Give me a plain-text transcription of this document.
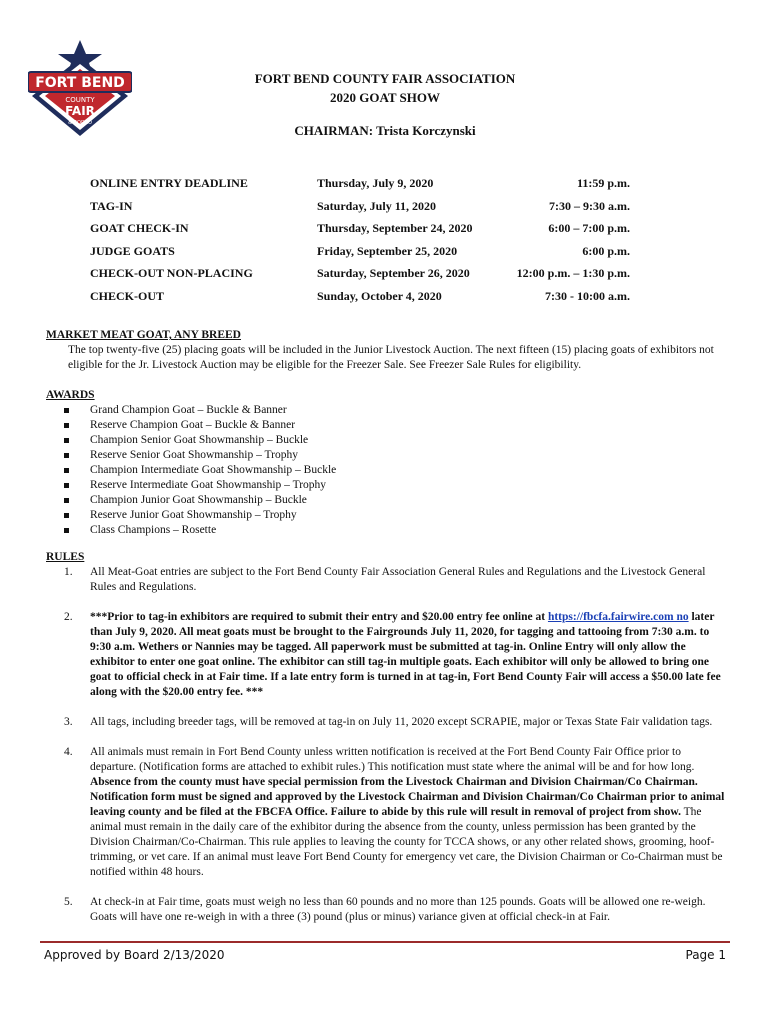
FORT BEND
COUNTY
FAIR
& RODEO
FORT BEND COUNTY FAIR ASSOCIATION
2020 GOAT SHOW
CHAIRMAN: Trista Korczynski
ONLINE ENTRY DEADLINE	Thursday, July 9, 2020	11:59 p.m.
TAG-IN	Saturday, July 11, 2020	7:30 – 9:30 a.m.
GOAT CHECK-IN	Thursday, September 24, 2020	6:00 – 7:00 p.m.
JUDGE GOATS	Friday, September 25, 2020	6:00 p.m.
CHECK-OUT NON-PLACING	Saturday, September 26, 2020	12:00 p.m. – 1:30 p.m.
CHECK-OUT	Sunday, October 4, 2020	7:30 - 10:00 a.m.
MARKET MEAT GOAT, ANY BREED
The top twenty-five (25) placing goats will be included in the Junior Livestock Auction. The next fifteen (15) placing goats of exhibitors not eligible for the Jr. Livestock Auction may be eligible for the Freezer Sale. See Freezer Sale Rules for eligibility.
AWARDS
Grand Champion Goat – Buckle & Banner
Reserve Champion Goat – Buckle & Banner
Champion Senior Goat Showmanship – Buckle
Reserve Senior Goat Showmanship – Trophy
Champion Intermediate Goat Showmanship – Buckle
Reserve Intermediate Goat Showmanship – Trophy
Champion Junior Goat Showmanship – Buckle
Reserve Junior Goat Showmanship – Trophy
Class Champions – Rosette
RULES
1. All Meat-Goat entries are subject to the Fort Bend County Fair Association General Rules and Regulations and the Livestock General Rules and Regulations.
2. ***Prior to tag-in exhibitors are required to submit their entry and $20.00 entry fee online at https://fbcfa.fairwire.com no later than July 9, 2020. All meat goats must be brought to the Fairgrounds July 11, 2020, for tagging and tattooing from 7:30 a.m. to 9:30 a.m. Wethers or Nannies may be tagged. All paperwork must be submitted at tag-in. Online Entry will only allow the exhibitor to enter one goat online. The exhibitor can still tag-in multiple goats. Each exhibitor will only be allowed to bring one goat to official check in at Fair time. If a late entry form is turned in at tag-in, Fort Bend County Fair will access a $50.00 late fee along with the $20.00 entry fee. ***
3. All tags, including breeder tags, will be removed at tag-in on July 11, 2020 except SCRAPIE, major or Texas State Fair validation tags.
4. All animals must remain in Fort Bend County unless written notification is received at the Fort Bend County Fair Office prior to departure. (Notification forms are attached to exhibit rules.) This notification must state where the animal will be and for how long. Absence from the county must have special permission from the Livestock Chairman and Division Chairman/Co Chairman. Notification form must be signed and approved by the Livestock Chairman and Division Chairman/Co Chairman prior to animal leaving county and be filed at the FBCFA Office. Failure to abide by this rule will result in removal of project from show. The animal must remain in the daily care of the exhibitor during the absence from the county, unless permission has been granted by the Division Chairman/Co-Chairman. This rule applies to leaving the county for TCCA shows, or any other related shows, grooming, hoof-trimming, or vet care. If an animal must leave Fort Bend County for emergency vet care, the Division Chairman or Co-Chairman must be notified within 48 hours.
5. At check-in at Fair time, goats must weigh no less than 60 pounds and no more than 125 pounds. Goats will be allowed one re-weigh. Goats will have one re-weigh in with a three (3) pound (plus or minus) variance given at official check-in at Fair.
Approved by Board 2/13/2020	Page 1
